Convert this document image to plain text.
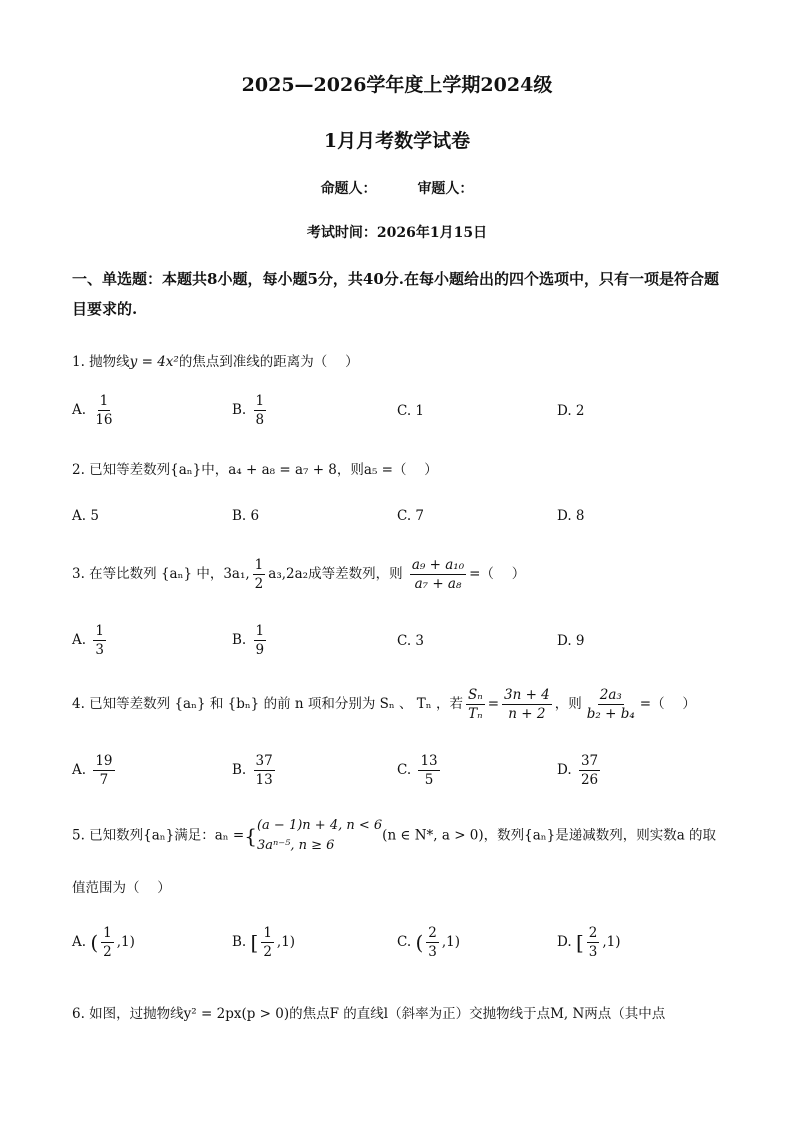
2025—2026学年度上学期2024级
1月月考数学试卷
命题人：	审题人：
考试时间：2026年1月15日
一、单选题：本题共8小题，每小题5分，共40分.在每小题给出的四个选项中，只有一项是符合题目要求的.
1. 抛物线y = 4x²的焦点到准线的距离为（　 ）
A. $\frac{1}{16}$	B. $\frac{1}{8}$	C. 1	D. 2
2. 已知等差数列{aₙ}中，a₄ + a₈ = a₇ + 8，则a₅ =（　 ）
A. 5	B. 6	C. 7	D. 8
3. 在等比数列 {aₙ} 中，3a₁, $\frac{1}{2} a_3,2a_2$成等差数列，则 $\frac{\text{a₉ + a₁₀}}{\text{a₇ + a₈}}$ =（　 ）
A. $\frac{1}{3}$	B. $\frac{1}{9}$	C. 3	D. 9
4. 已知等差数列 {aₙ} 和 {bₙ} 的前 n 项和分别为 Sₙ 、 Tₙ ，若 $\frac{\text{Sₙ}}{\text{Tₙ}} = \frac{3n + 4}{n + 2}$ ，则 $\frac{\text{2a₃}}{\text{b₂ + b₄}}$ =（　 ）
A. $\frac{19}{7}$	B. $\frac{37}{13}$	C. $\frac{13}{5}$	D. $\frac{37}{26}$
5. 已知数列{aₙ}满足：aₙ ={ (a − 1)n + 4, n < 6
3aⁿ⁻⁵, n ≥ 6
(n ∈ N*, a > 0)，数列{aₙ}是递减数列，则实数a 的取
值范围为（　 ）
A. ( $\frac{1}{2} ,1$)	B. [ $\frac{1}{2} ,1$)	C. ( $\frac{2}{3} ,1$)	D. [ $\frac{2}{3} ,1$)
6. 如图，过抛物线y² = 2px(p > 0)的焦点F 的直线l（斜率为正）交抛物线于点M, N两点（其中点
